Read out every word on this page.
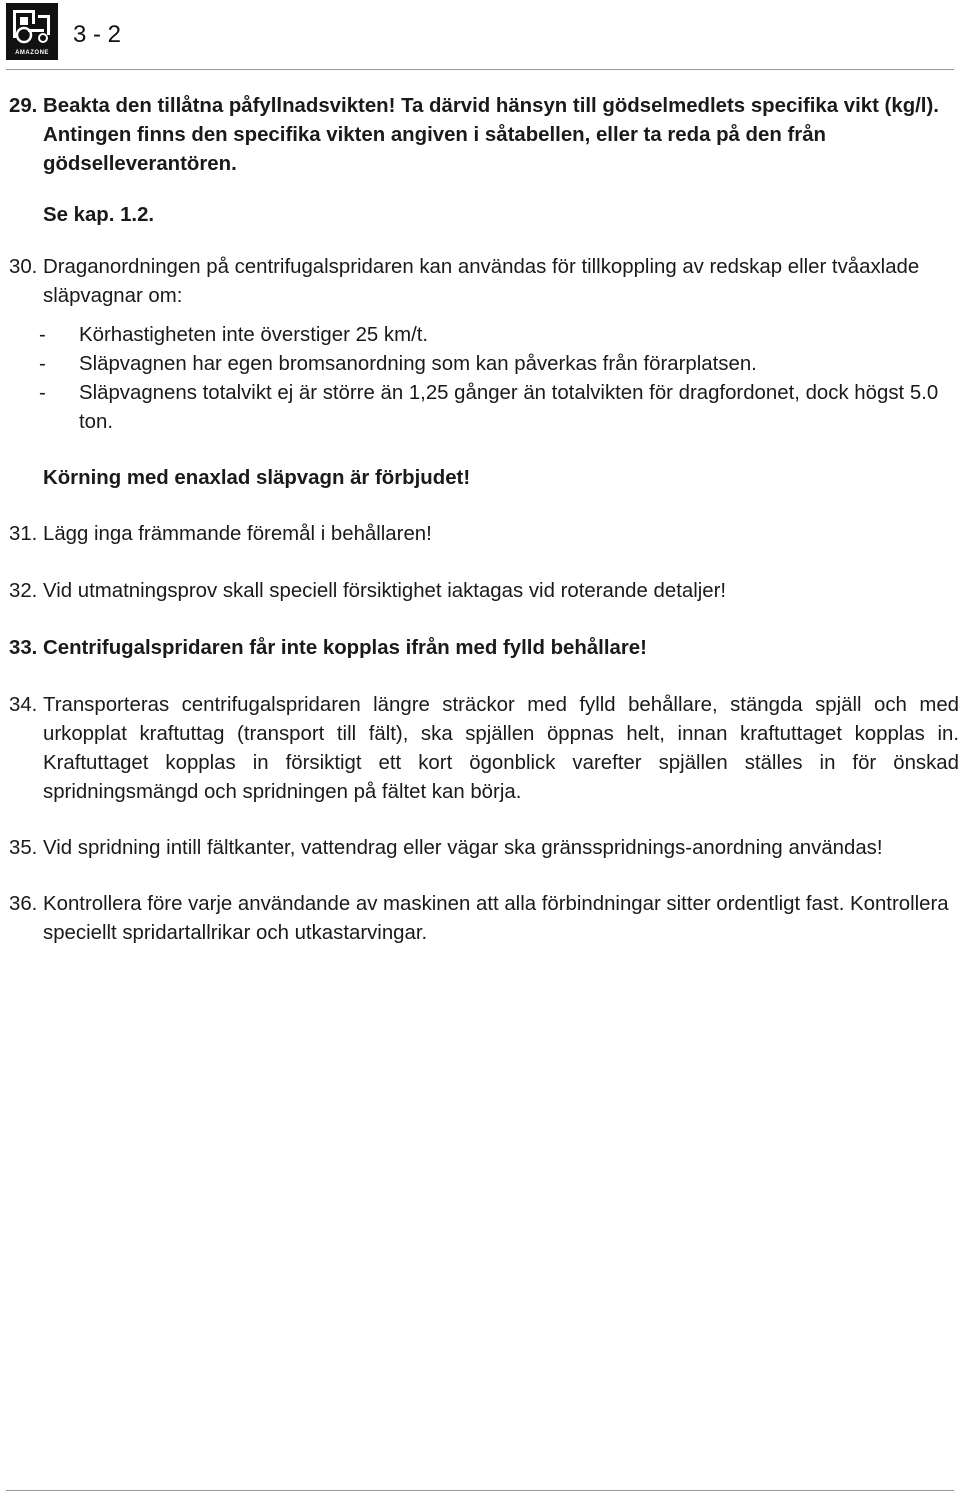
AMAZONE
3 - 2
29. Beakta den tillåtna påfyllnadsvikten! Ta därvid hänsyn till gödselmedlets specifika vikt (kg/l). Antingen finns den specifika vikten angiven i såtabellen, eller ta reda på den från gödselleverantören.
Se kap. 1.2.
30. Draganordningen på centrifugalspridaren kan användas för tillkoppling av redskap eller tvåaxlade släpvagnar om:
- Körhastigheten inte överstiger 25 km/t.
- Släpvagnen har egen bromsanordning som kan påverkas från förarplatsen.
- Släpvagnens totalvikt ej är större än 1,25 gånger än totalvikten för dragfordonet, dock högst 5.0 ton.
Körning med enaxlad släpvagn är förbjudet!
31. Lägg inga främmande föremål i behållaren!
32. Vid utmatningsprov skall speciell försiktighet iaktagas vid roterande detaljer!
33. Centrifugalspridaren får inte kopplas ifrån med fylld behållare!
34. Transporteras centrifugalspridaren längre sträckor med fylld behållare, stängda spjäll och med urkopplat kraftuttag (transport till fält), ska spjällen öppnas helt, innan kraftuttaget kopplas in. Kraftuttaget kopplas in försiktigt ett kort ögonblick varefter spjällen ställes in för önskad spridningsmängd och spridningen på fältet kan börja.
35. Vid spridning intill fältkanter, vattendrag eller vägar ska gränsspridnings-anordning användas!
36. Kontrollera före varje användande av maskinen att alla förbindningar sitter ordentligt fast. Kontrollera speciellt spridartallrikar och utkastarvingar.
